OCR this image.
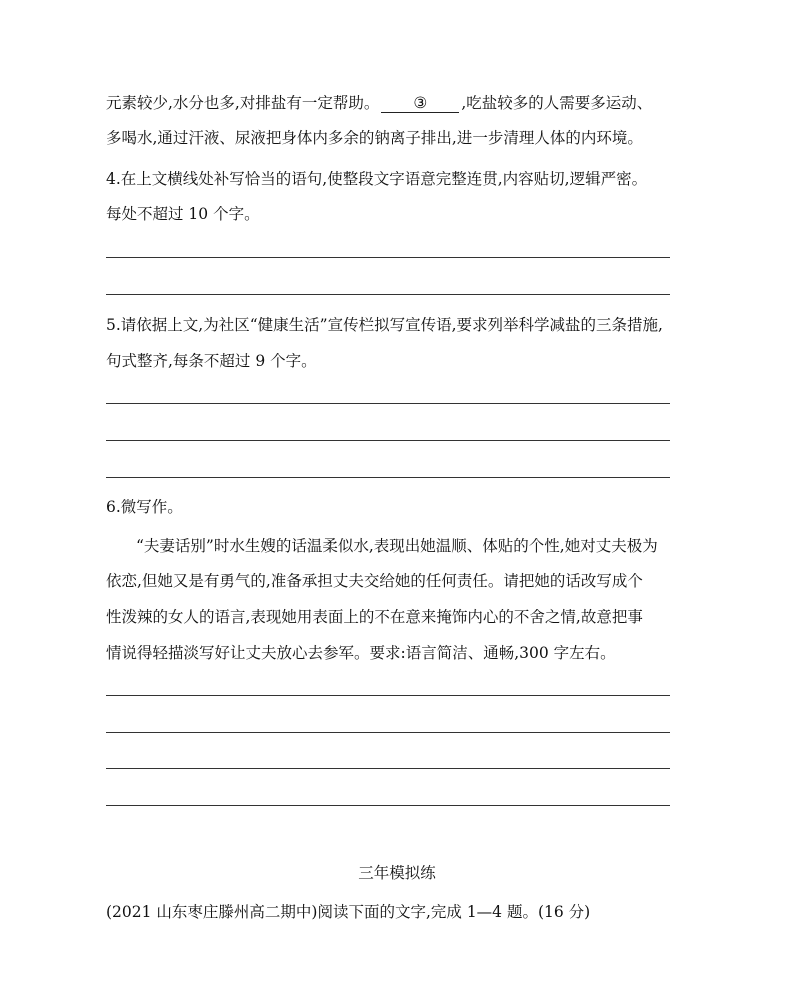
元素较少,水分也多,对排盐有一定帮助。 ③ ,吃盐较多的人需要多运动、
多喝水,通过汗液、尿液把身体内多余的钠离子排出,进一步清理人体的内环境。
4.在上文横线处补写恰当的语句,使整段文字语意完整连贯,内容贴切,逻辑严密。
每处不超过 10 个字。
5.请依据上文,为社区“健康生活”宣传栏拟写宣传语,要求列举科学减盐的三条措施,
句式整齐,每条不超过 9 个字。
6.微写作。
“夫妻话别”时水生嫂的话温柔似水,表现出她温顺、体贴的个性,她对丈夫极为
依恋,但她又是有勇气的,准备承担丈夫交给她的任何责任。请把她的话改写成个
性泼辣的女人的语言,表现她用表面上的不在意来掩饰内心的不舍之情,故意把事
情说得轻描淡写好让丈夫放心去参军。要求:语言简洁、通畅,300 字左右。
三年模拟练
(2021 山东枣庄滕州高二期中)阅读下面的文字,完成 1—4 题。(16 分)
